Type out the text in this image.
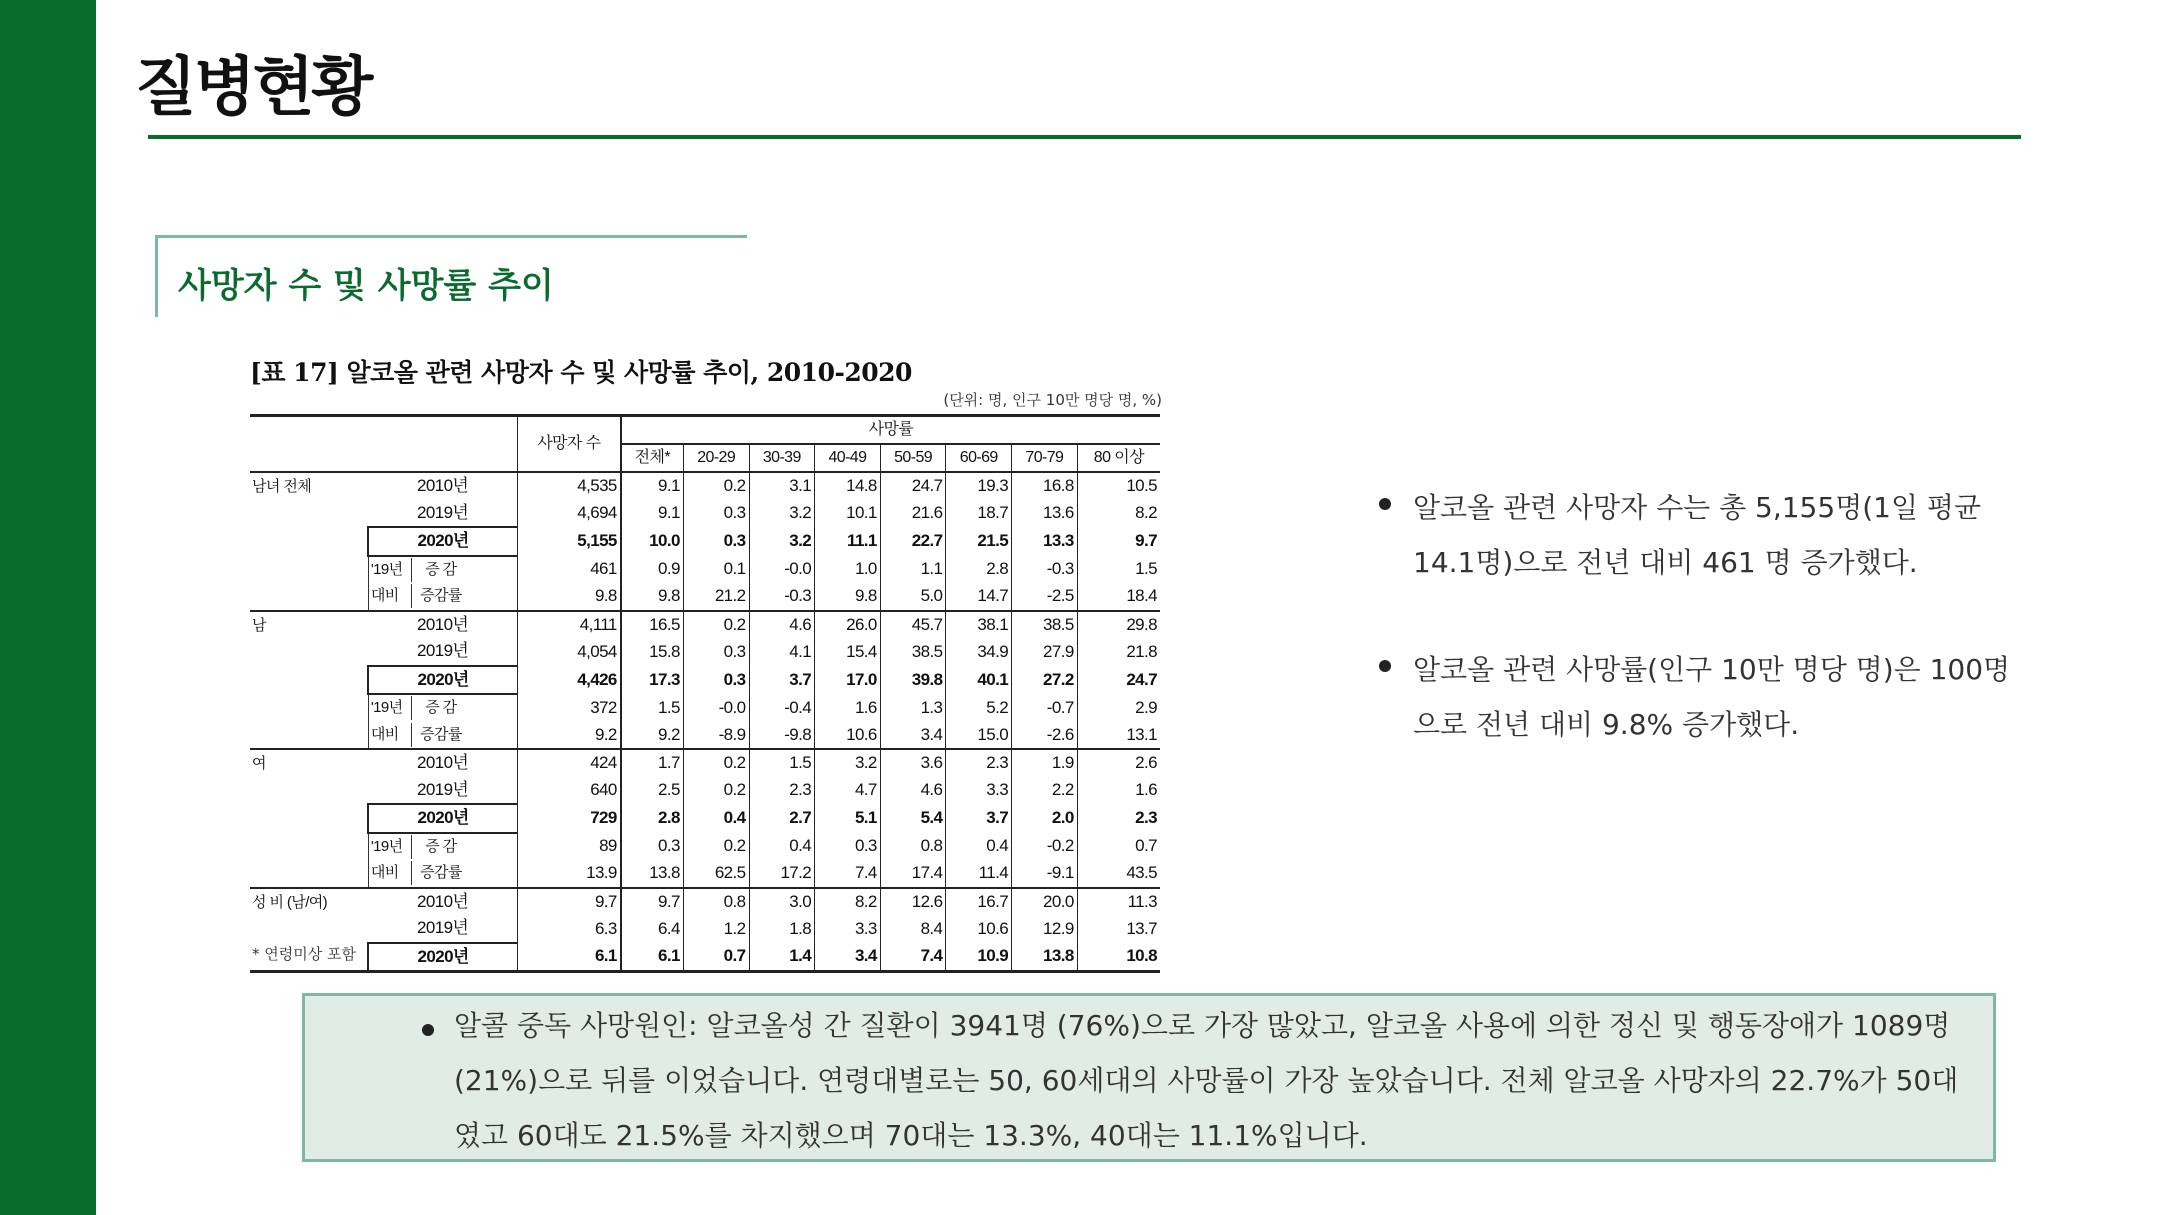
질병현황
사망자 수 및 사망률 추이
[표 17] 알코올 관련 사망자 수 및 사망률 추이, 2010-2020
(단위: 명, 인구 10만 명당 명, %)
		사망자 수	사망률							
			전체*	20-29	30-39	40-49	50-59	60-69	70-79	80 이상
남녀 전체	2010년	4,535	9.1	0.2	3.1	14.8	24.7	19.3	16.8	10.5
	2019년	4,694	9.1	0.3	3.2	10.1	21.6	18.7	13.6	8.2
	2020년	5,155	10.0	0.3	3.2	11.1	22.7	21.5	13.3	9.7
	'19년 증 감	461	0.9	0.1	-0.0	1.0	1.1	2.8	-0.3	1.5
	대비 증감률	9.8	9.8	21.2	-0.3	9.8	5.0	14.7	-2.5	18.4
남	2010년	4,111	16.5	0.2	4.6	26.0	45.7	38.1	38.5	29.8
	2019년	4,054	15.8	0.3	4.1	15.4	38.5	34.9	27.9	21.8
	2020년	4,426	17.3	0.3	3.7	17.0	39.8	40.1	27.2	24.7
	'19년 증 감	372	1.5	-0.0	-0.4	1.6	1.3	5.2	-0.7	2.9
	대비 증감률	9.2	9.2	-8.9	-9.8	10.6	3.4	15.0	-2.6	13.1
여	2010년	424	1.7	0.2	1.5	3.2	3.6	2.3	1.9	2.6
	2019년	640	2.5	0.2	2.3	4.7	4.6	3.3	2.2	1.6
	2020년	729	2.8	0.4	2.7	5.1	5.4	3.7	2.0	2.3
	'19년 증 감	89	0.3	0.2	0.4	0.3	0.8	0.4	-0.2	0.7
	대비 증감률	13.9	13.8	62.5	17.2	7.4	17.4	11.4	-9.1	43.5
성 비 (남/여)	2010년	9.7	9.7	0.8	3.0	8.2	12.6	16.7	20.0	11.3
	2019년	6.3	6.4	1.2	1.8	3.3	8.4	10.6	12.9	13.7
	2020년	6.1	6.1	0.7	1.4	3.4	7.4	10.9	13.8	10.8
* 연령미상 포함

알코올 관련 사망자 수는 총 5,155명(1일 평균 14.1명)으로 전년 대비 461 명 증가했다.

알코올 관련 사망률(인구 10만 명당 명)은 100명으로 전년 대비 9.8% 증가했다.

알콜 중독 사망원인: 알코올성 간 질환이 3941명 (76%)으로 가장 많았고, 알코올 사용에 의한 정신 및 행동장애가 1089명 (21%)으로 뒤를 이었습니다. 연령대별로는 50, 60세대의 사망률이 가장 높았습니다. 전체 알코올 사망자의 22.7%가 50대였고 60대도 21.5%를 차지했으며 70대는 13.3%, 40대는 11.1%입니다.
